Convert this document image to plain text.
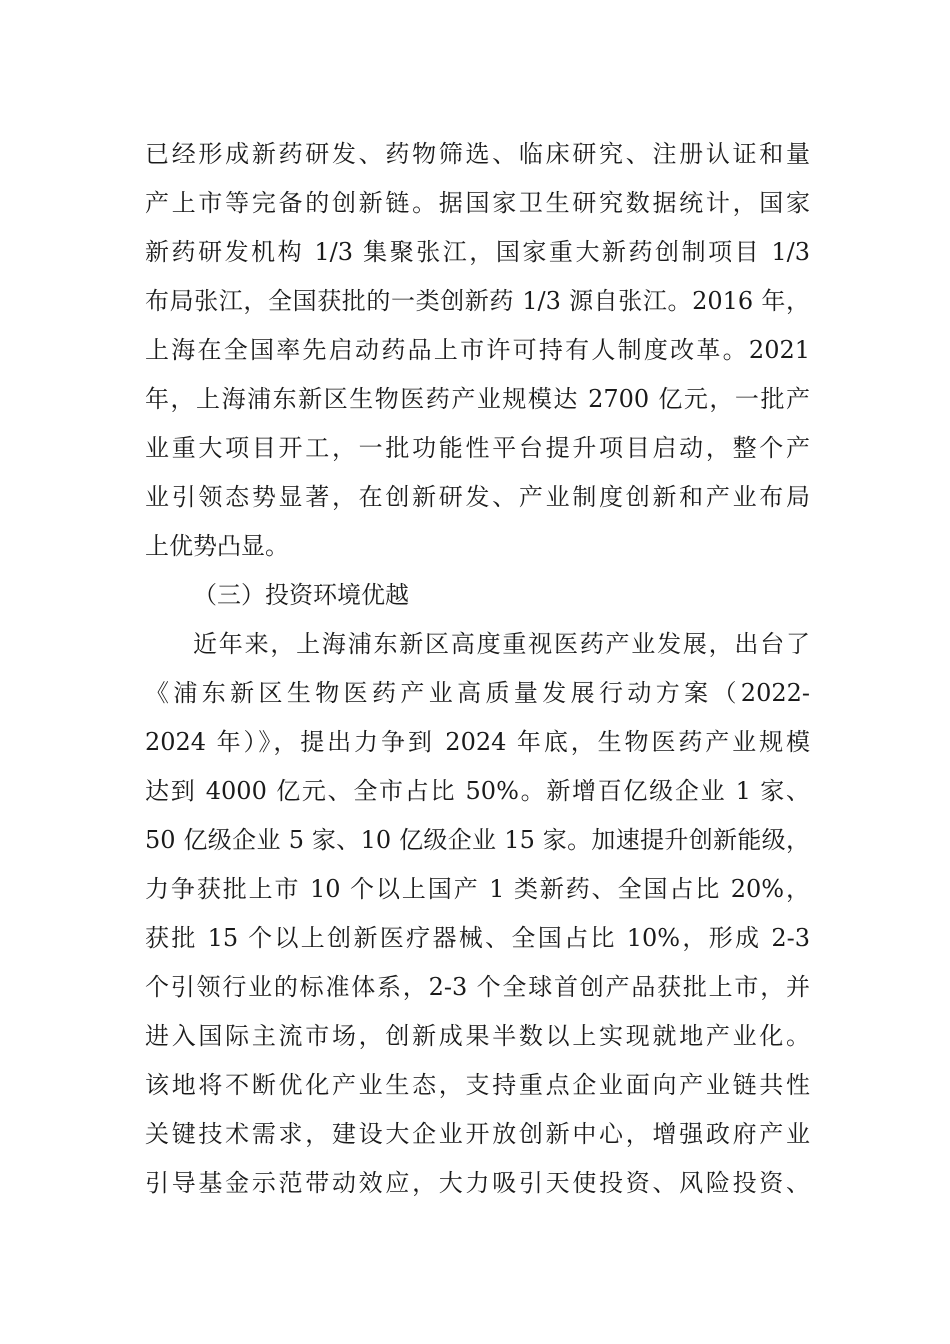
已经形成新药研发、药物筛选、临床研究、注册认证和量
产上市等完备的创新链。据国家卫生研究数据统计，国家
新药研发机构 1/3 集聚张江，国家重大新药创制项目 1/3
布局张江，全国获批的一类创新药 1/3 源自张江。2016 年，
上海在全国率先启动药品上市许可持有人制度改革。2021
年，上海浦东新区生物医药产业规模达 2700 亿元，一批产
业重大项目开工，一批功能性平台提升项目启动，整个产
业引领态势显著，在创新研发、产业制度创新和产业布局
上优势凸显。
（三）投资环境优越
近年来，上海浦东新区高度重视医药产业发展，出台了
《浦东新区生物医药产业高质量发展行动方案（2022-
2024 年）》，提出力争到 2024 年底，生物医药产业规模
达到 4000 亿元、全市占比 50%。新增百亿级企业 1 家、
50 亿级企业 5 家、10 亿级企业 15 家。加速提升创新能级，
力争获批上市 10 个以上国产 1 类新药、全国占比 20%，
获批 15 个以上创新医疗器械、全国占比 10%，形成 2-3
个引领行业的标准体系，2-3 个全球首创产品获批上市，并
进入国际主流市场，创新成果半数以上实现就地产业化。
该地将不断优化产业生态，支持重点企业面向产业链共性
关键技术需求，建设大企业开放创新中心，增强政府产业
引导基金示范带动效应，大力吸引天使投资、风险投资、
